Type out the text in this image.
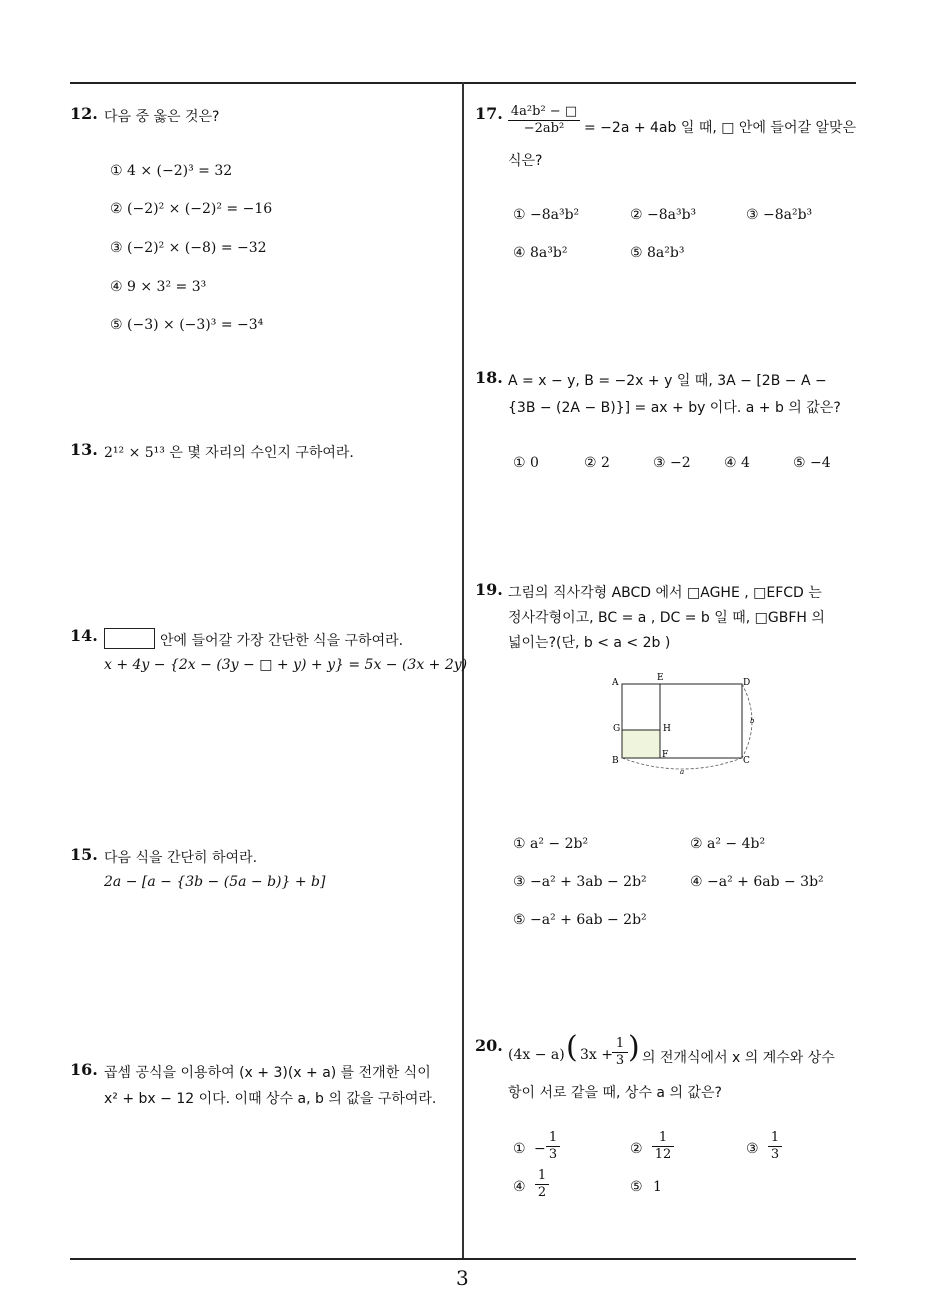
12. 다음 중 옳은 것은?
① 4 × (−2)³ = 32
② (−2)² × (−2)² = −16
③ (−2)² × (−8) = −32
④ 9 × 3² = 3³
⑤ (−3) × (−3)³ = −3⁴
13. 2¹² × 5¹³ 은 몇 자리의 수인지 구하여라.
14.	안에 들어갈 가장 간단한 식을 구하여라.
x + 4y − {2x − (3y − □ + y) + y} = 5x − (3x + 2y)
15. 다음 식을 간단히 하여라.
2a − [a − {3b − (5a − b)} + b]
16. 곱셈 공식을 이용하여 (x + 3)(x + a) 를 전개한 식이
x² + bx − 12 이다. 이때 상수 a, b 의 값을 구하여라.
17. $\frac{\text{4a²b² − □}}{\text{−2ab²}} = -2a + 4ab$ 일 때, □ 안에 들어갈 알맞은
식은?
① −8a³b²	② −8a³b³	③ −8a²b³
④ 8a³b²	⑤ 8a²b³
18. A = x − y, B = −2x + y 일 때, 3A − [2B − A −
{3B − (2A − B)}] = ax + by 이다. a + b 의 값은?
① 0	② 2	③ −2 ④ 4	⑤ −4
19. 그림의 직사각형 ABCD 에서 □AGHE , □EFCD 는
정사각형이고, BC = a , DC = b 일 때, □GBFH 의
넓이는?(단, b < a < 2b )
A	E	D
G	H
B
F
C
a
b
① a² − 2b²	② a² − 4b²
③ −a² + 3ab − 2b²	④ −a² + 6ab − 3b²
⑤ −a² + 6ab − 2b²
20. (4x − a) ( $3x + \frac{1}{3}$ ) 의 전개식에서 x 의 계수와 상수
항이 서로 같을 때, 상수 a 의 값은?
① − $\frac{1}{3}$	② $\frac{1}{12}$	③ $\frac{1}{3}$
④ $\frac{1}{2}$	⑤ 1
3
